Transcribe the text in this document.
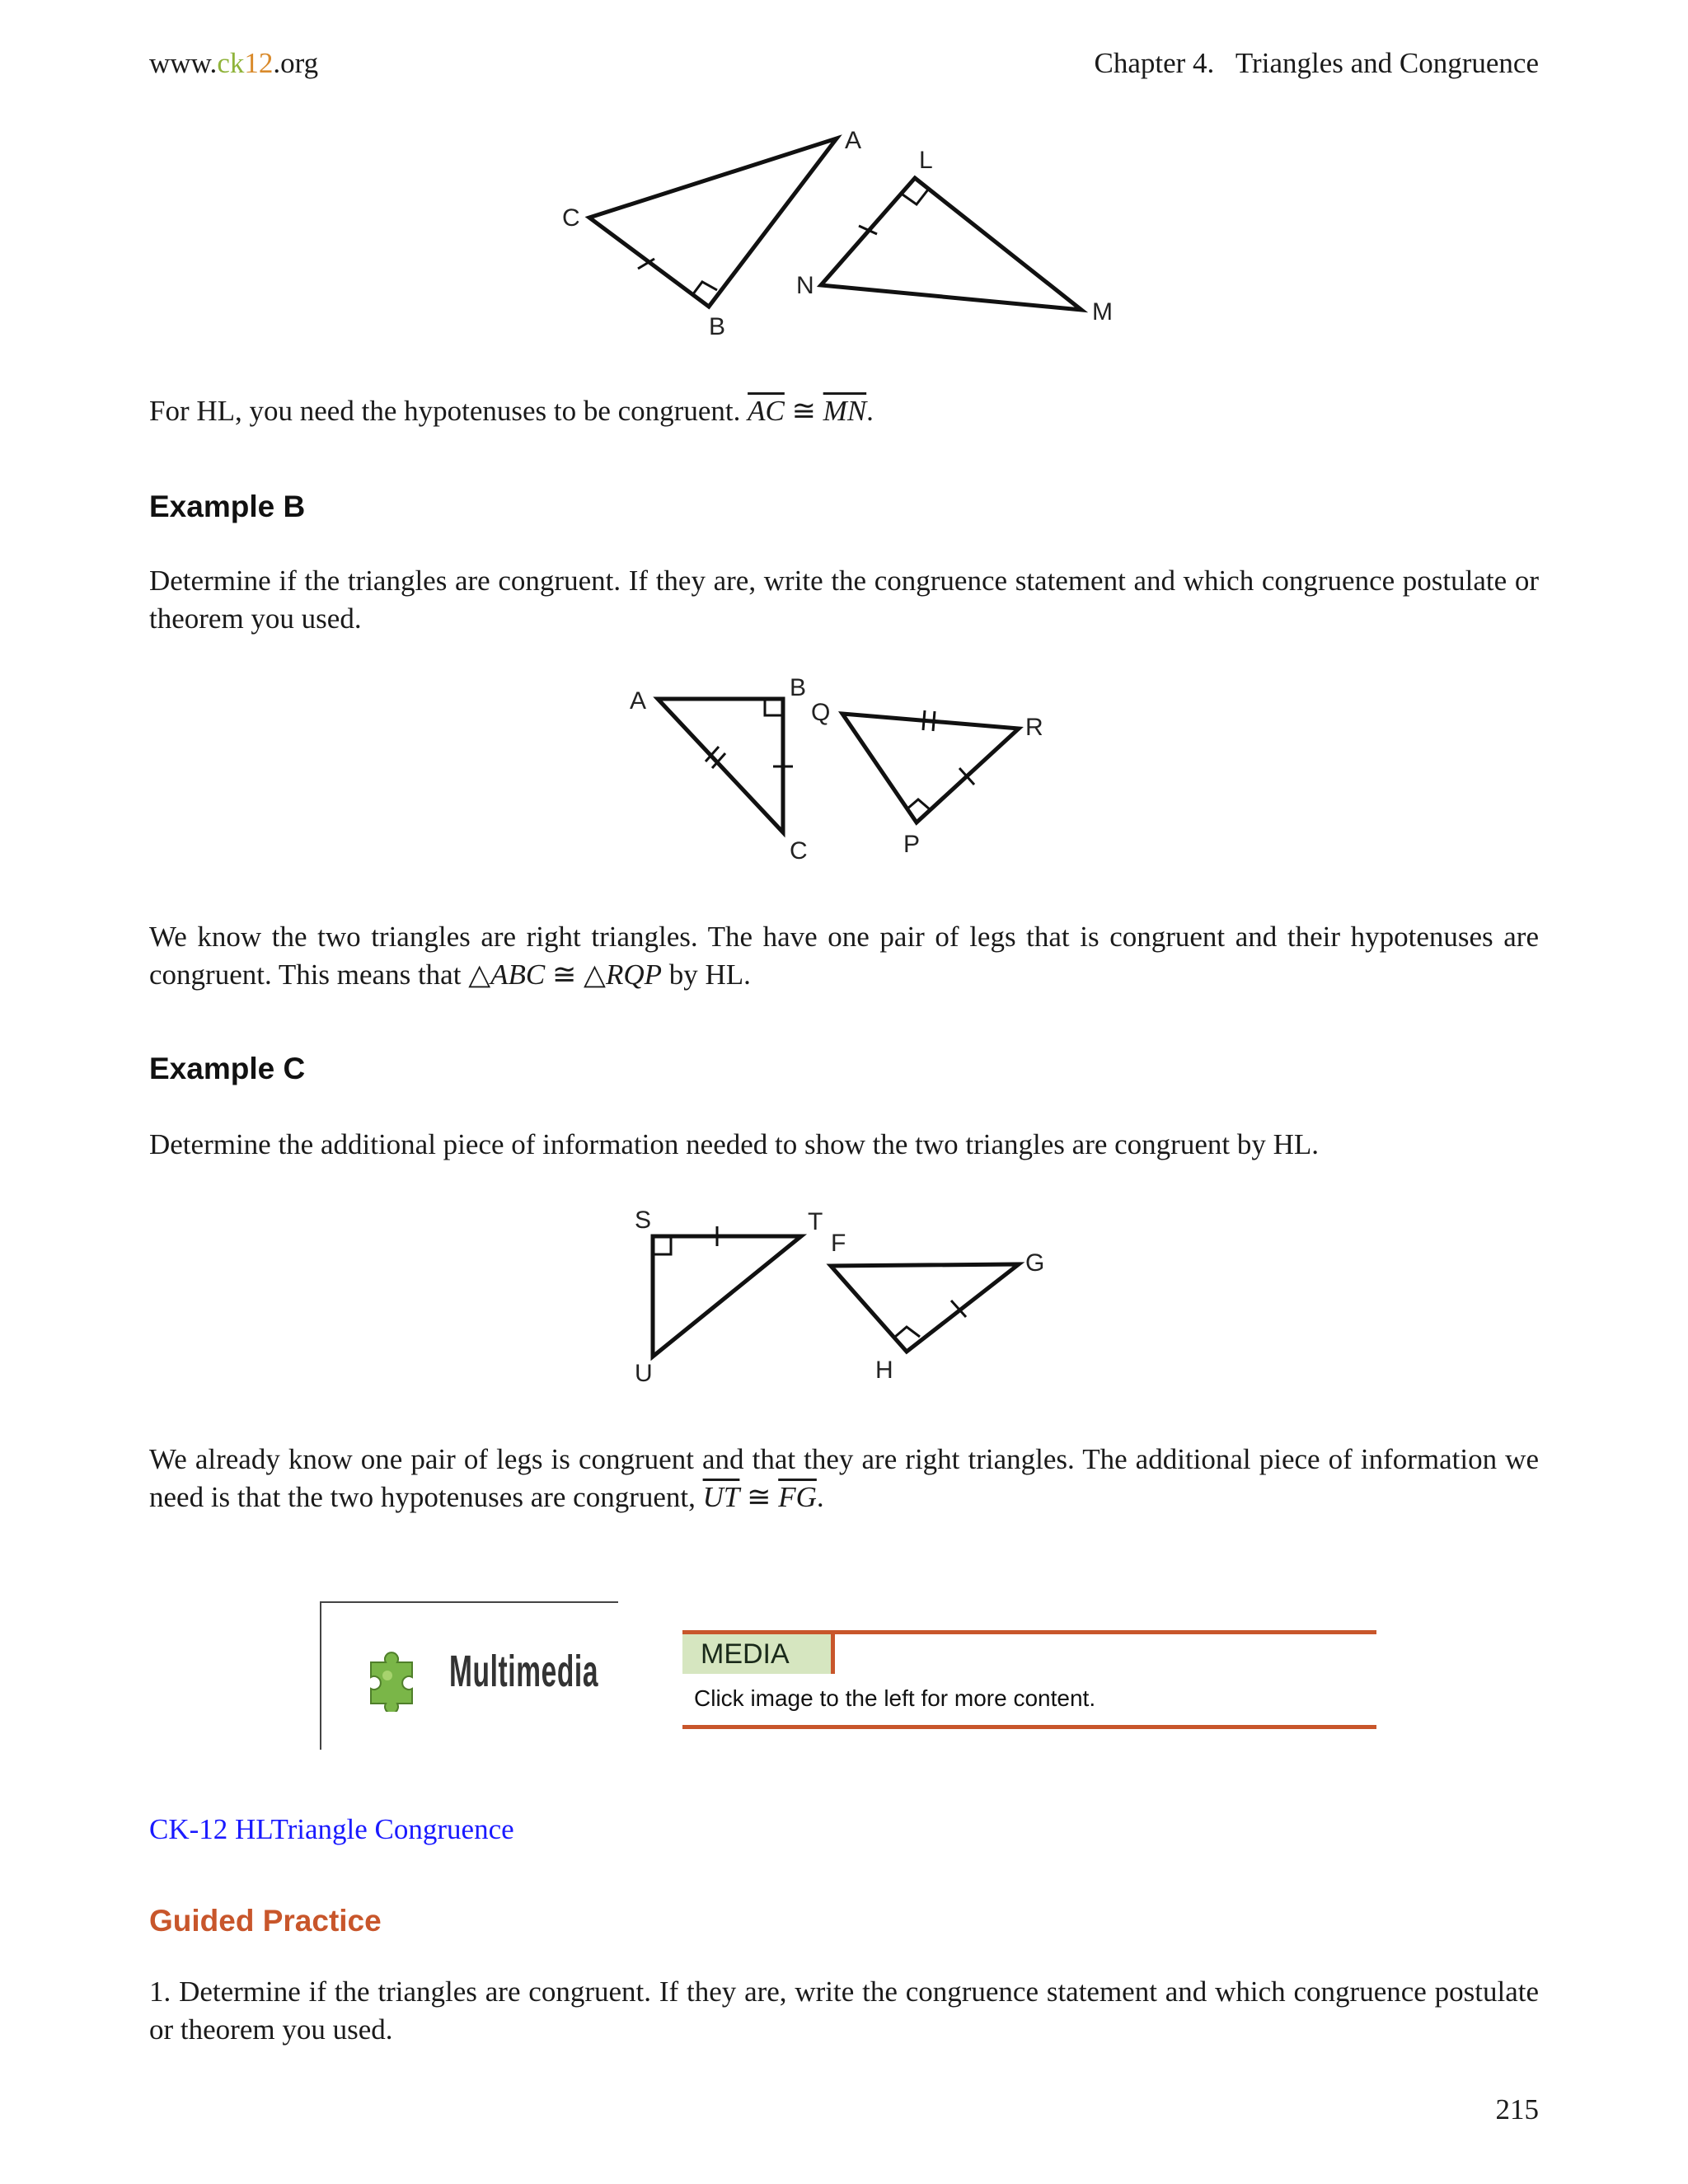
www.ck12.org	Chapter 4.   Triangles and Congruence
A
B
C
L
M
N
For HL, you need the hypotenuses to be congruent. $\overline{AC}$ ≅ $\overline{MN}$.
Example B
Determine if the triangles are congruent. If they are, write the congruence statement and which congruence postulate or theorem you used.
A	B
C
Q
R
P
We know the two triangles are right triangles. The have one pair of legs that is congruent and their hypotenuses are congruent. This means that △ABC ≅ △RQP by HL.
Example C
Determine the additional piece of information needed to show the two triangles are congruent by HL.
S	T
U
F
G
H
We already know one pair of legs is congruent and that they are right triangles. The additional piece of information we need is that the two hypotenuses are congruent, $\overline{UT}$ ≅ $\overline{FG}$.
Multimedia	MEDIA
Click image to the left for more content.
CK-12 HLTriangle Congruence
Guided Practice
1. Determine if the triangles are congruent. If they are, write the congruence statement and which congruence postulate or theorem you used.
215
